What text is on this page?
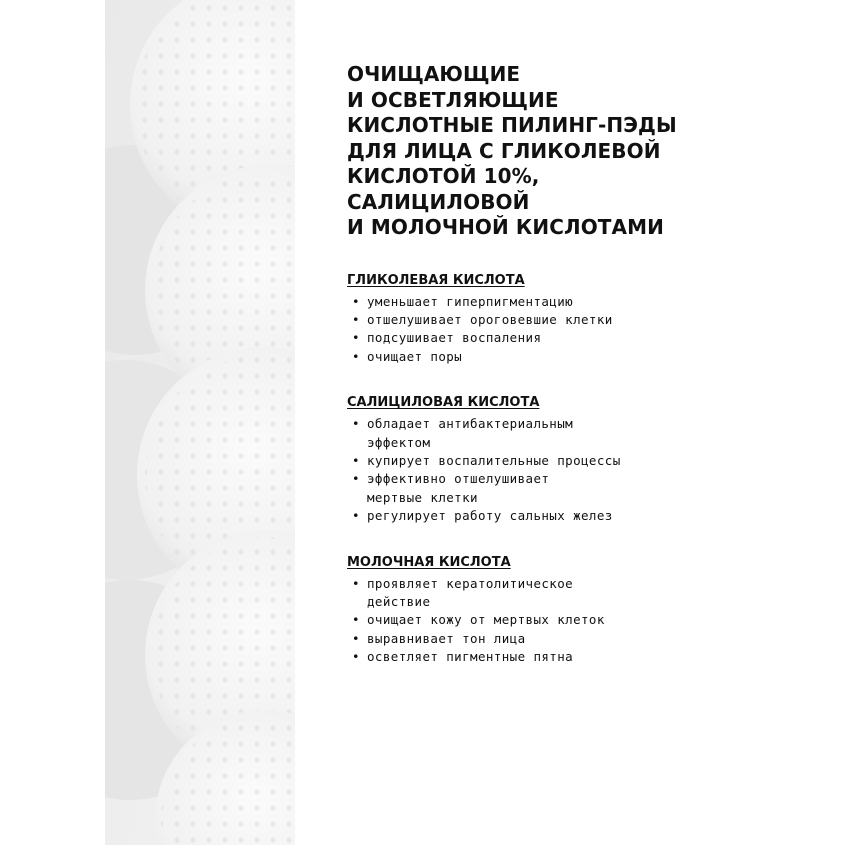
ОЧИЩАЮЩИЕ
И ОСВЕТЛЯЮЩИЕ
КИСЛОТНЫЕ ПИЛИНГ-ПЭДЫ
ДЛЯ ЛИЦА С ГЛИКОЛЕВОЙ
КИСЛОТОЙ 10%,
САЛИЦИЛОВОЙ
И МОЛОЧНОЙ КИСЛОТАМИ
ГЛИКОЛЕВАЯ КИСЛОТА
• уменьшает гиперпигментацию
• отшелушивает ороговевшие клетки
• подсушивает воспаления
• очищает поры
САЛИЦИЛОВАЯ КИСЛОТА
• обладает антибактериальным
эффектом
• купирует воспалительные процессы
• эффективно отшелушивает
мертвые клетки
• регулирует работу сальных желез
МОЛОЧНАЯ КИСЛОТА
• проявляет кератолитическое
действие
• очищает кожу от мертвых клеток
• выравнивает тон лица
• осветляет пигментные пятна
